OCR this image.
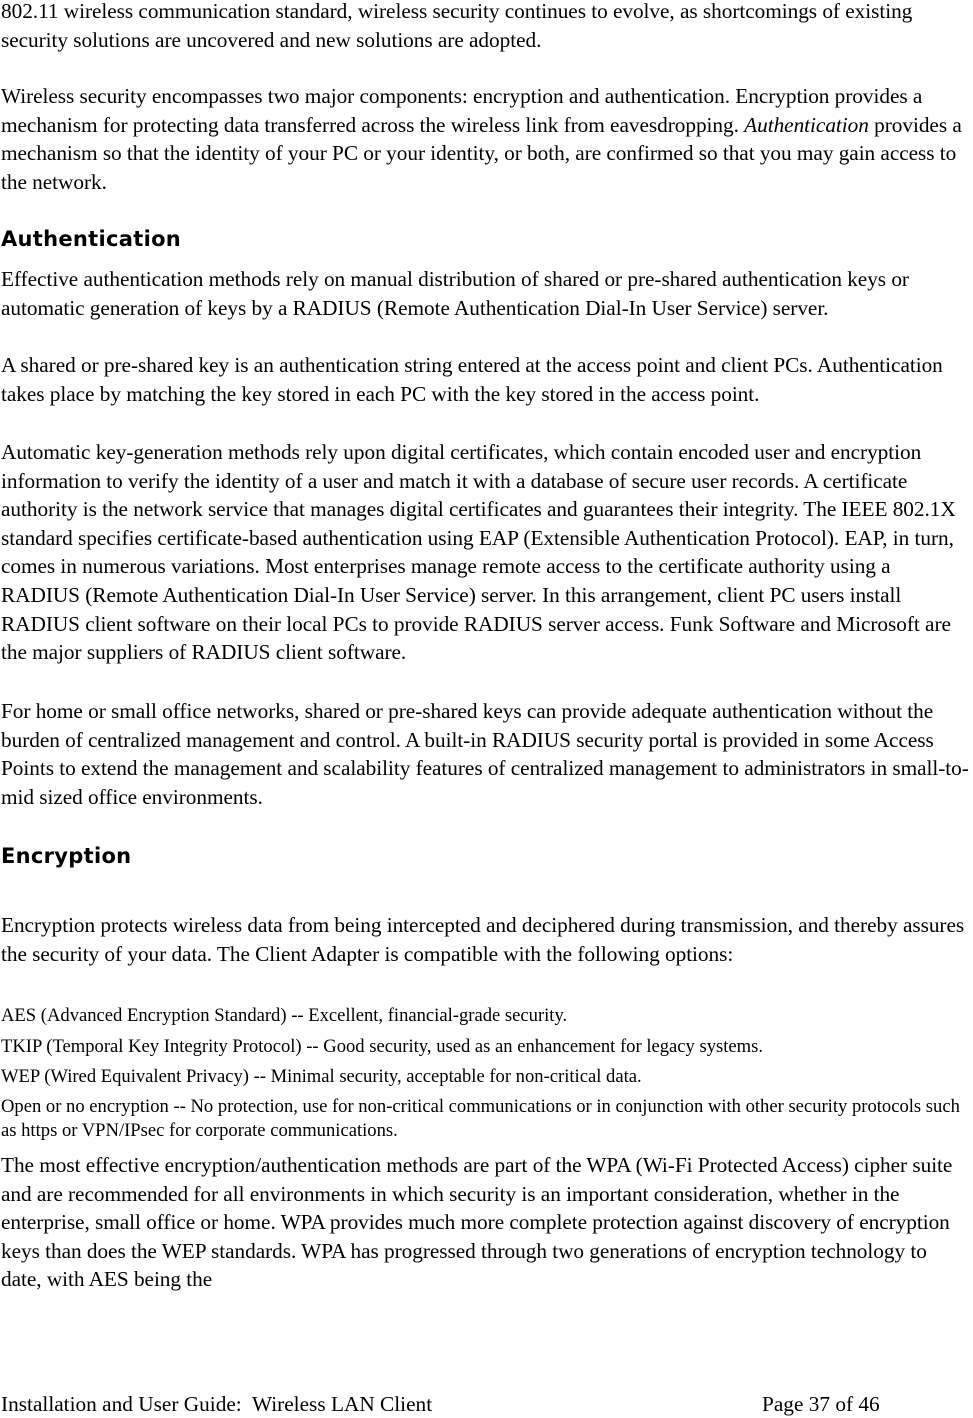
802.11 wireless communication standard, wireless security continues to evolve, as shortcomings of existing security solutions are uncovered and new solutions are adopted.

Wireless security encompasses two major components: encryption and authentication. Encryption provides a mechanism for protecting data transferred across the wireless link from eavesdropping. Authentication provides a mechanism so that the identity of your PC or your identity, or both, are confirmed so that you may gain access to the network.

Authentication

Effective authentication methods rely on manual distribution of shared or pre-shared authentication keys or automatic generation of keys by a RADIUS (Remote Authentication Dial-In User Service) server.

A shared or pre-shared key is an authentication string entered at the access point and client PCs. Authentication takes place by matching the key stored in each PC with the key stored in the access point.

Automatic key-generation methods rely upon digital certificates, which contain encoded user and encryption information to verify the identity of a user and match it with a database of secure user records. A certificate authority is the network service that manages digital certificates and guarantees their integrity. The IEEE 802.1X standard specifies certificate-based authentication using EAP (Extensible Authentication Protocol). EAP, in turn, comes in numerous variations. Most enterprises manage remote access to the certificate authority using a RADIUS (Remote Authentication Dial-In User Service) server. In this arrangement, client PC users install RADIUS client software on their local PCs to provide RADIUS server access. Funk Software and Microsoft are the major suppliers of RADIUS client software.

For home or small office networks, shared or pre-shared keys can provide adequate authentication without the burden of centralized management and control. A built-in RADIUS security portal is provided in some Access Points to extend the management and scalability features of centralized management to administrators in small-to-mid sized office environments.

Encryption

Encryption protects wireless data from being intercepted and deciphered during transmission, and thereby assures the security of your data. The Client Adapter is compatible with the following options:

AES (Advanced Encryption Standard) -- Excellent, financial-grade security.

TKIP (Temporal Key Integrity Protocol) -- Good security, used as an enhancement for legacy systems.

WEP (Wired Equivalent Privacy) -- Minimal security, acceptable for non-critical data.

Open or no encryption -- No protection, use for non-critical communications or in conjunction with other security protocols such as https or VPN/IPsec for corporate communications.

The most effective encryption/authentication methods are part of the WPA (Wi-Fi Protected Access) cipher suite and are recommended for all environments in which security is an important consideration, whether in the enterprise, small office or home. WPA provides much more complete protection against discovery of encryption keys than does the WEP standards. WPA has progressed through two generations of encryption technology to date, with AES being the

Installation and User Guide:  Wireless LAN Client	Page 37 of 46
